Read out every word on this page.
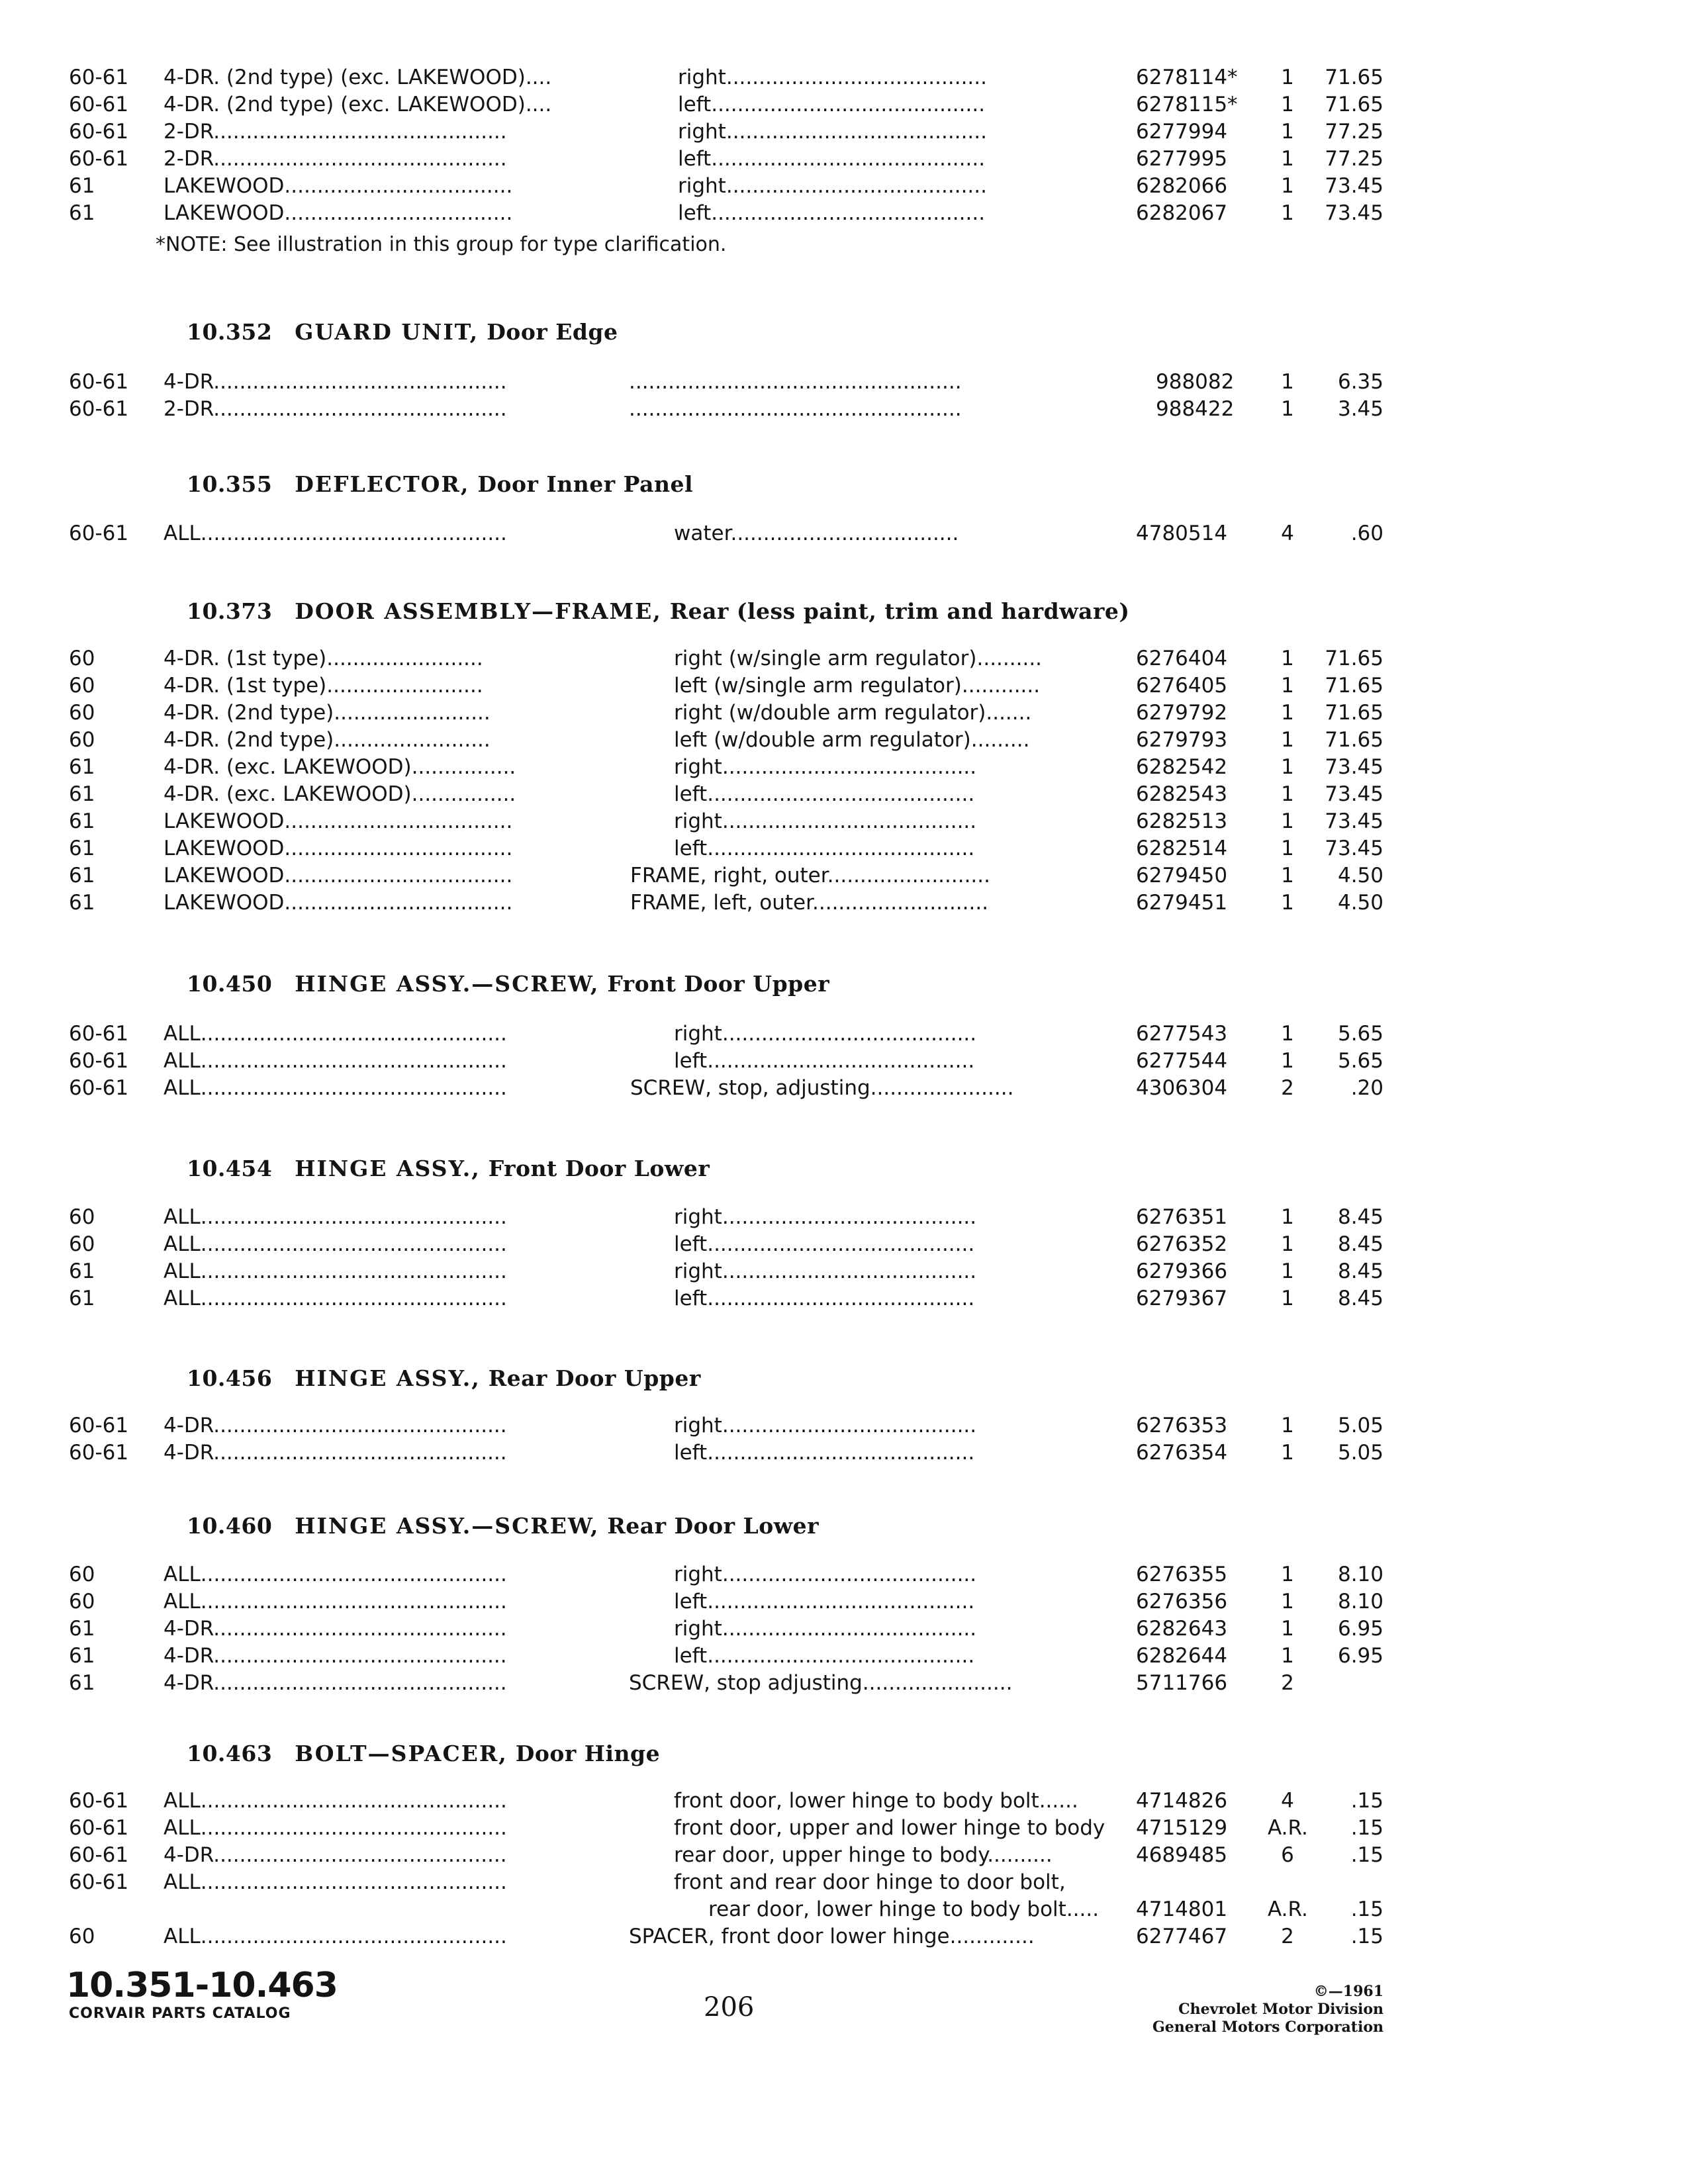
60-61 4-DR. (2nd type) (exc. LAKEWOOD)....	right........................................	6278114*	1	71.65
60-61 4-DR. (2nd type) (exc. LAKEWOOD)....	left..........................................	6278115*	1	71.65
60-61 2-DR.............................................	right........................................	6277994	1	77.25
60-61 2-DR.............................................	left..........................................	6277995	1	77.25
61	LAKEWOOD...................................	right........................................	6282066	1	73.45
61	LAKEWOOD...................................	left..........................................	6282067	1	73.45
*NOTE: See illustration in this group for type clarification.
10.352 GUARD UNIT, Door Edge
60-61 4-DR.............................................	...................................................	988082	1	6.35
60-61 2-DR.............................................	...................................................	988422	1	3.45
10.355 DEFLECTOR, Door Inner Panel
60-61 ALL...............................................	water...................................	4780514	4	.60
10.373 DOOR ASSEMBLY—FRAME, Rear (less paint, trim and hardware)
60	4-DR. (1st type)........................	right (w/single arm regulator)..........	6276404	1	71.65
60	4-DR. (1st type)........................	left (w/single arm regulator)............	6276405	1	71.65
60	4-DR. (2nd type)........................	right (w/double arm regulator).......	6279792	1	71.65
60	4-DR. (2nd type)........................	left (w/double arm regulator).........	6279793	1	71.65
61	4-DR. (exc. LAKEWOOD)................	right.......................................	6282542	1	73.45
61	4-DR. (exc. LAKEWOOD)................	left.........................................	6282543	1	73.45
61	LAKEWOOD...................................	right.......................................	6282513	1	73.45
61	LAKEWOOD...................................	left.........................................	6282514	1	73.45
61	LAKEWOOD...................................	FRAME, right, outer.........................	6279450	1	4.50
61	LAKEWOOD...................................	FRAME, left, outer...........................	6279451	1	4.50
10.450 HINGE ASSY.—SCREW, Front Door Upper
60-61 ALL...............................................	right.......................................	6277543	1	5.65
60-61 ALL...............................................	left.........................................	6277544	1	5.65
60-61 ALL...............................................	SCREW, stop, adjusting......................	4306304	2	.20
10.454 HINGE ASSY., Front Door Lower
60	ALL...............................................	right.......................................	6276351	1	8.45
60	ALL...............................................	left.........................................	6276352	1	8.45
61	ALL...............................................	right.......................................	6279366	1	8.45
61	ALL...............................................	left.........................................	6279367	1	8.45
10.456 HINGE ASSY., Rear Door Upper
60-61 4-DR.............................................	right.......................................	6276353	1	5.05
60-61 4-DR.............................................	left.........................................	6276354	1	5.05
10.460 HINGE ASSY.—SCREW, Rear Door Lower
60	ALL...............................................	right.......................................	6276355	1	8.10
60	ALL...............................................	left.........................................	6276356	1	8.10
61	4-DR.............................................	right.......................................	6282643	1	6.95
61	4-DR.............................................	left.........................................	6282644	1	6.95
61	4-DR.............................................	SCREW, stop adjusting.......................	5711766	2
10.463 BOLT—SPACER, Door Hinge
60-61 ALL...............................................	front door, lower hinge to body bolt......	4714826	4	.15
60-61 ALL...............................................	front door, upper and lower hinge to body	4715129 A.R.	.15
60-61 4-DR.............................................	rear door, upper hinge to body..........	4689485	6	.15
60-61 ALL...............................................	front and rear door hinge to door bolt,
rear door, lower hinge to body bolt.....	4714801 A.R.	.15
60	ALL...............................................	SPACER, front door lower hinge.............	6277467	2	.15
10.351-10.463
CORVAIR PARTS CATALOG	206
©—1961
Chevrolet Motor Division
General Motors Corporation
